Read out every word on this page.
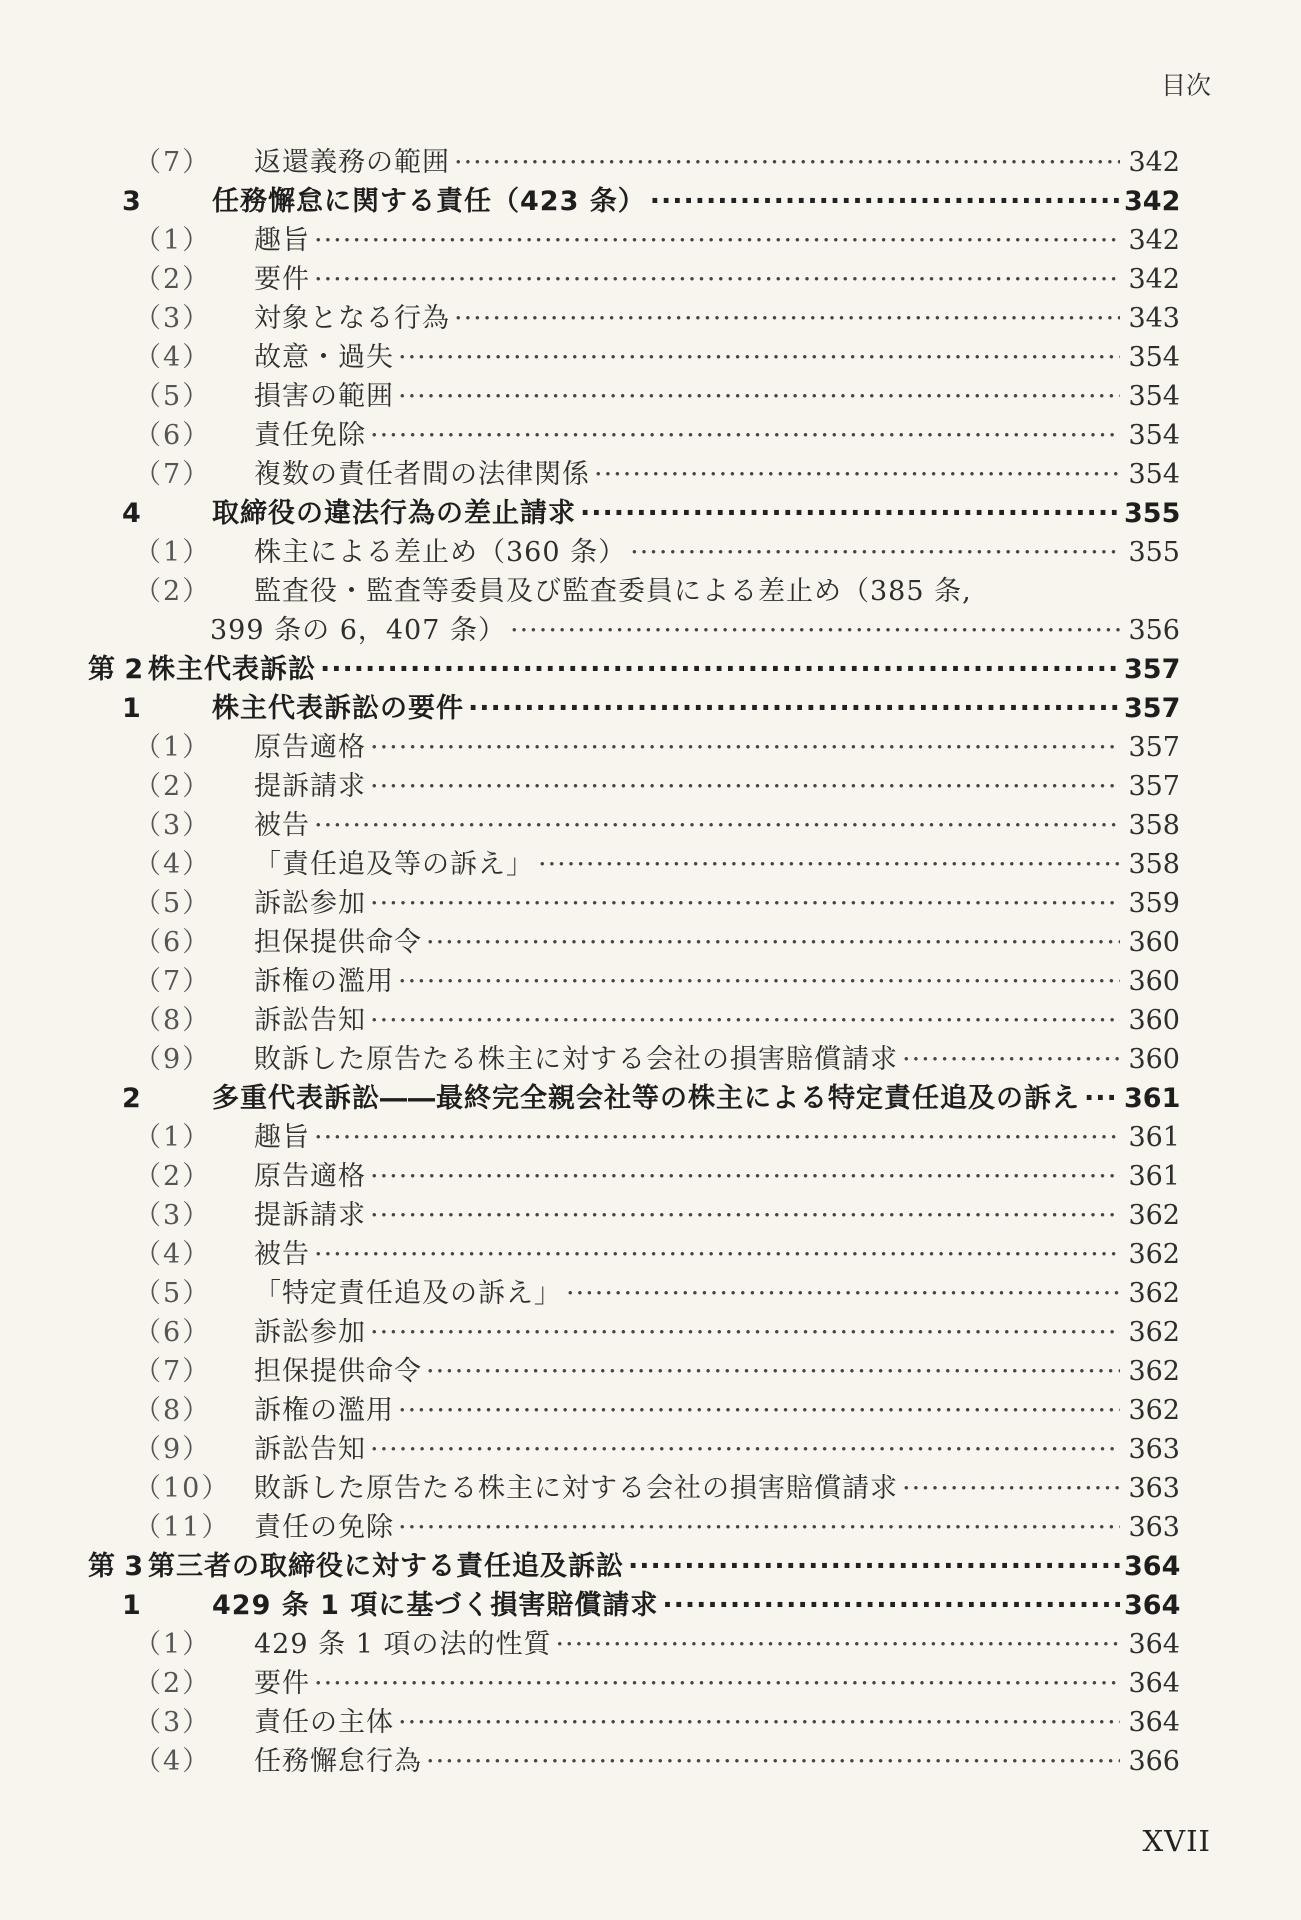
目次
（7）	返還義務の範囲 ·····	342
3	任務懈怠に関する責任（423 条） ·····	342
（1）	趣旨 ·····	342
（2）	要件 ·····	342
（3）	対象となる行為 ·····	343
（4）	故意・過失 ·····	354
（5）	損害の範囲 ·····	354
（6）	責任免除 ·····	354
（7）	複数の責任者間の法律関係 ·····	354
4	取締役の違法行為の差止請求 ·····	355
（1）	株主による差止め（360 条） ·····	355
（2）	監査役・監査等委員及び監査委員による差止め（385 条,
399 条の 6，407 条） ·····	356
第 2 株主代表訴訟 ·····	357
1	株主代表訴訟の要件 ·····	357
（1）	原告適格 ·····	357
（2）	提訴請求 ·····	357
（3）	被告 ·····	358
（4）	「責任追及等の訴え」 ·····	358
（5）	訴訟参加 ·····	359
（6）	担保提供命令 ·····	360
（7）	訴権の濫用 ·····	360
（8）	訴訟告知 ·····	360
（9）	敗訴した原告たる株主に対する会社の損害賠償請求 ·····	360
2	多重代表訴訟――最終完全親会社等の株主による特定責任追及の訴え ····· 361
（1）	趣旨 ·····	361
（2）	原告適格 ·····	361
（3）	提訴請求 ·····	362
（4）	被告 ·····	362
（5）	「特定責任追及の訴え」 ·····	362
（6）	訴訟参加 ·····	362
（7）	担保提供命令 ·····	362
（8）	訴権の濫用 ·····	362
（9）	訴訟告知 ·····	363
（10） 敗訴した原告たる株主に対する会社の損害賠償請求 ·····	363
（11） 責任の免除 ·····	363
第 3 第三者の取締役に対する責任追及訴訟 ·····	364
1	429 条 1 項に基づく損害賠償請求 ·····	364
（1）	429 条 1 項の法的性質 ·····	364
（2）	要件 ·····	364
（3）	責任の主体 ·····	364
（4）	任務懈怠行為 ·····	366
XVII
